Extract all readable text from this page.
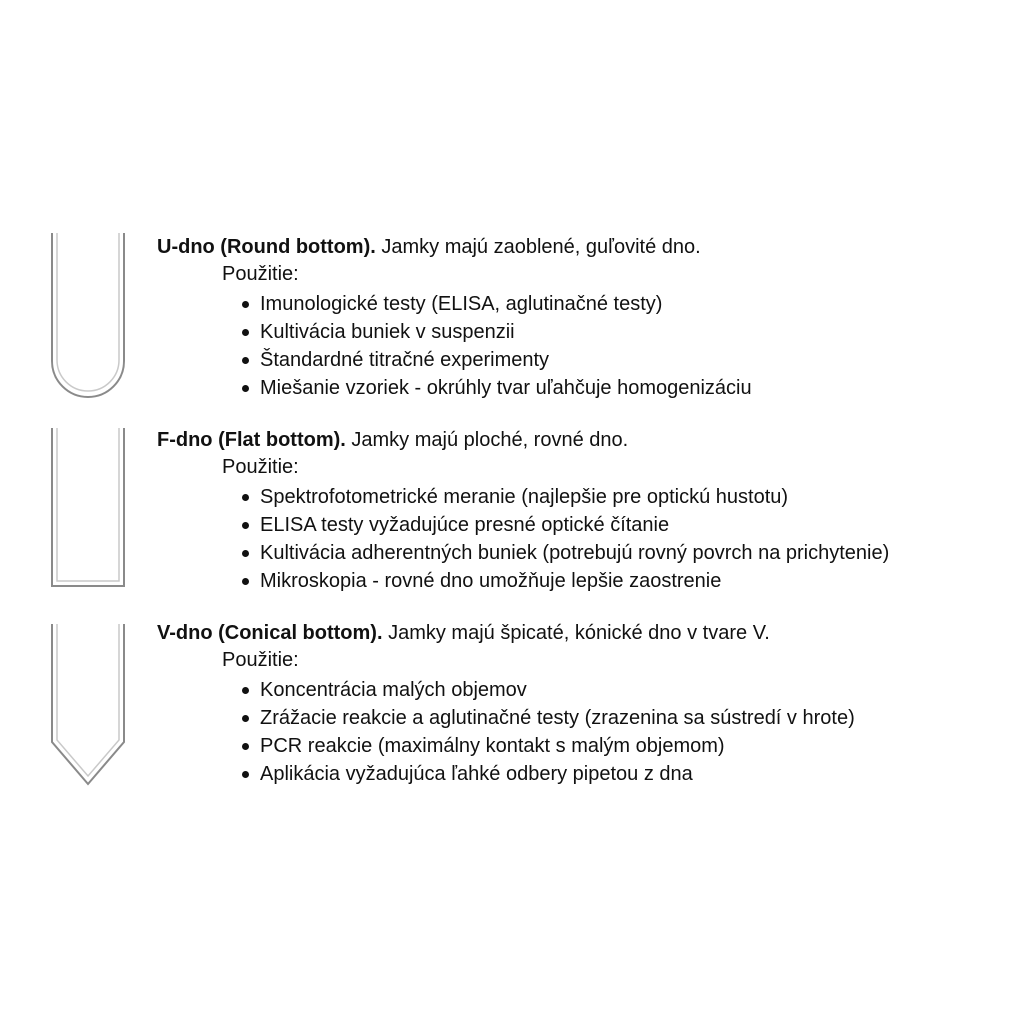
U-dno (Round bottom). Jamky majú zaoblené, guľovité dno.
Použitie:
Imunologické testy (ELISA, aglutinačné testy)
Kultivácia buniek v suspenzii
Štandardné titračné experimenty
Miešanie vzoriek - okrúhly tvar uľahčuje homogenizáciu
F-dno (Flat bottom). Jamky majú ploché, rovné dno.
Použitie:
Spektrofotometrické meranie (najlepšie pre optickú hustotu)
ELISA testy vyžadujúce presné optické čítanie
Kultivácia adherentných buniek (potrebujú rovný povrch na prichytenie)
Mikroskopia - rovné dno umožňuje lepšie zaostrenie
V-dno (Conical bottom). Jamky majú špicaté, kónické dno v tvare V.
Použitie:
Koncentrácia malých objemov
Zrážacie reakcie a aglutinačné testy (zrazenina sa sústredí v hrote)
PCR reakcie (maximálny kontakt s malým objemom)
Aplikácia vyžadujúca ľahké odbery pipetou z dna
